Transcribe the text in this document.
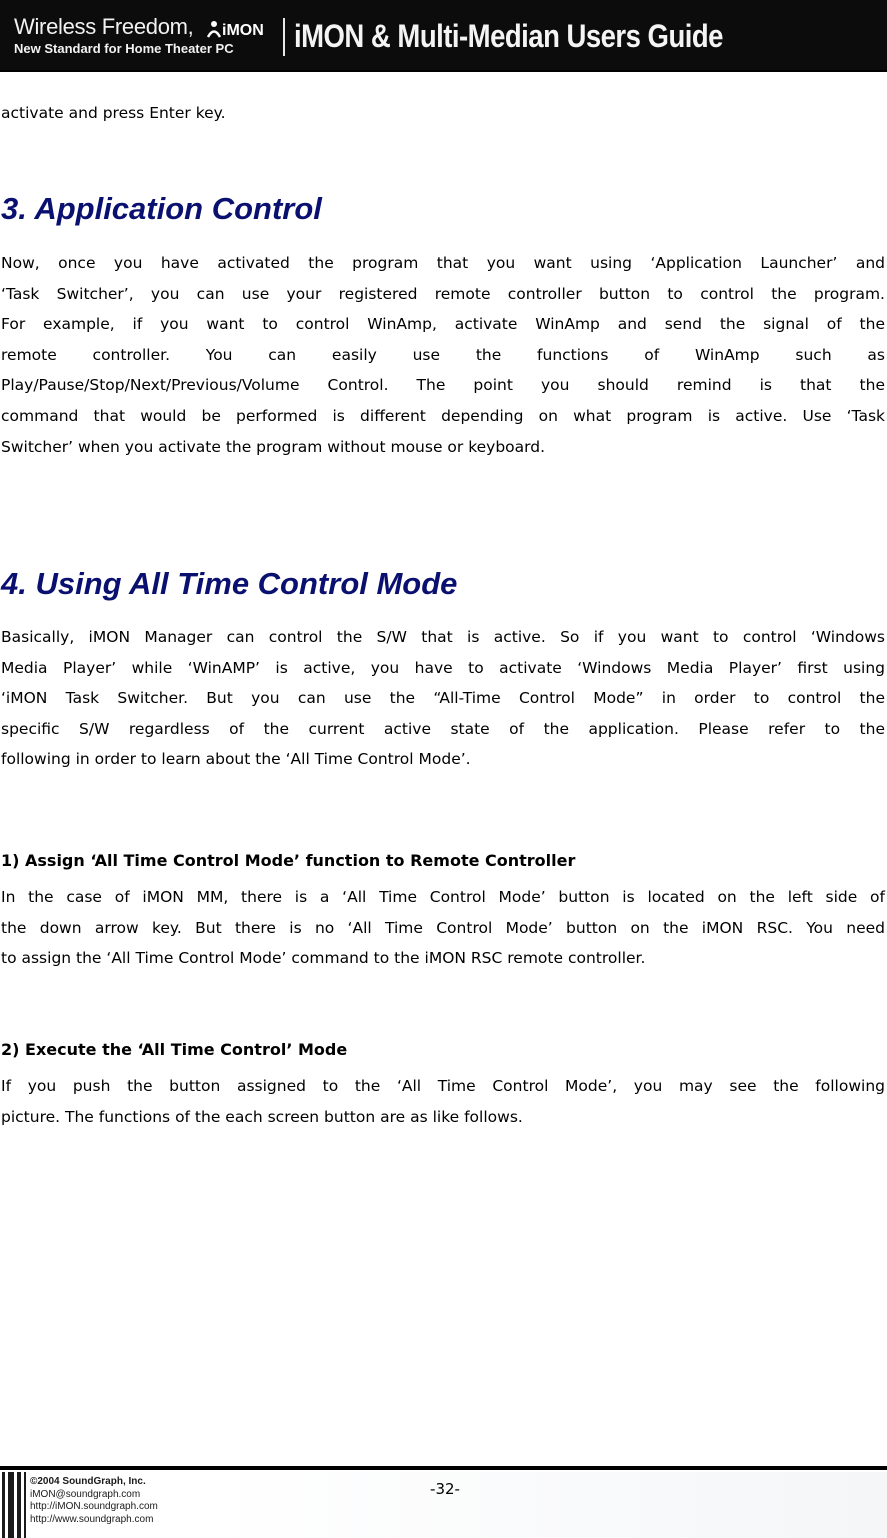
Wireless Freedom,
New Standard for Home Theater PC
iMON iMON & Multi-Median Users Guide
activate and press Enter key.
3. Application Control

Now, once you have activated the program that you want using ‘Application Launcher’ and

‘Task Switcher’, you can use your registered remote controller button to control the program.

For example, if you want to control WinAmp, activate WinAmp and send the signal of the

remote controller. You can easily use the functions of WinAmp such as

Play/Pause/Stop/Next/Previous/Volume Control. The point you should remind is that the

command that would be performed is different depending on what program is active. Use ‘Task

Switcher’ when you activate the program without mouse or keyboard.

4. Using All Time Control Mode

Basically, iMON Manager can control the S/W that is active. So if you want to control ‘Windows

Media Player’ while ‘WinAMP’ is active, you have to activate ‘Windows Media Player’ first using

‘iMON Task Switcher. But you can use the “All-Time Control Mode” in order to control the

specific S/W regardless of the current active state of the application. Please refer to the

following in order to learn about the ‘All Time Control Mode’.

1) Assign ‘All Time Control Mode’ function to Remote Controller

In the case of iMON MM, there is a ‘All Time Control Mode’ button is located on the left side of

the down arrow key. But there is no ‘All Time Control Mode’ button on the iMON RSC. You need

to assign the ‘All Time Control Mode’ command to the iMON RSC remote controller.

2) Execute the ‘All Time Control’ Mode

If you push the button assigned to the ‘All Time Control Mode’, you may see the following

picture. The functions of the each screen button are as like follows.

©2004 SoundGraph, Inc.
iMON@soundgraph.com
http://iMON.soundgraph.com
http://www.soundgraph.com
-32-
